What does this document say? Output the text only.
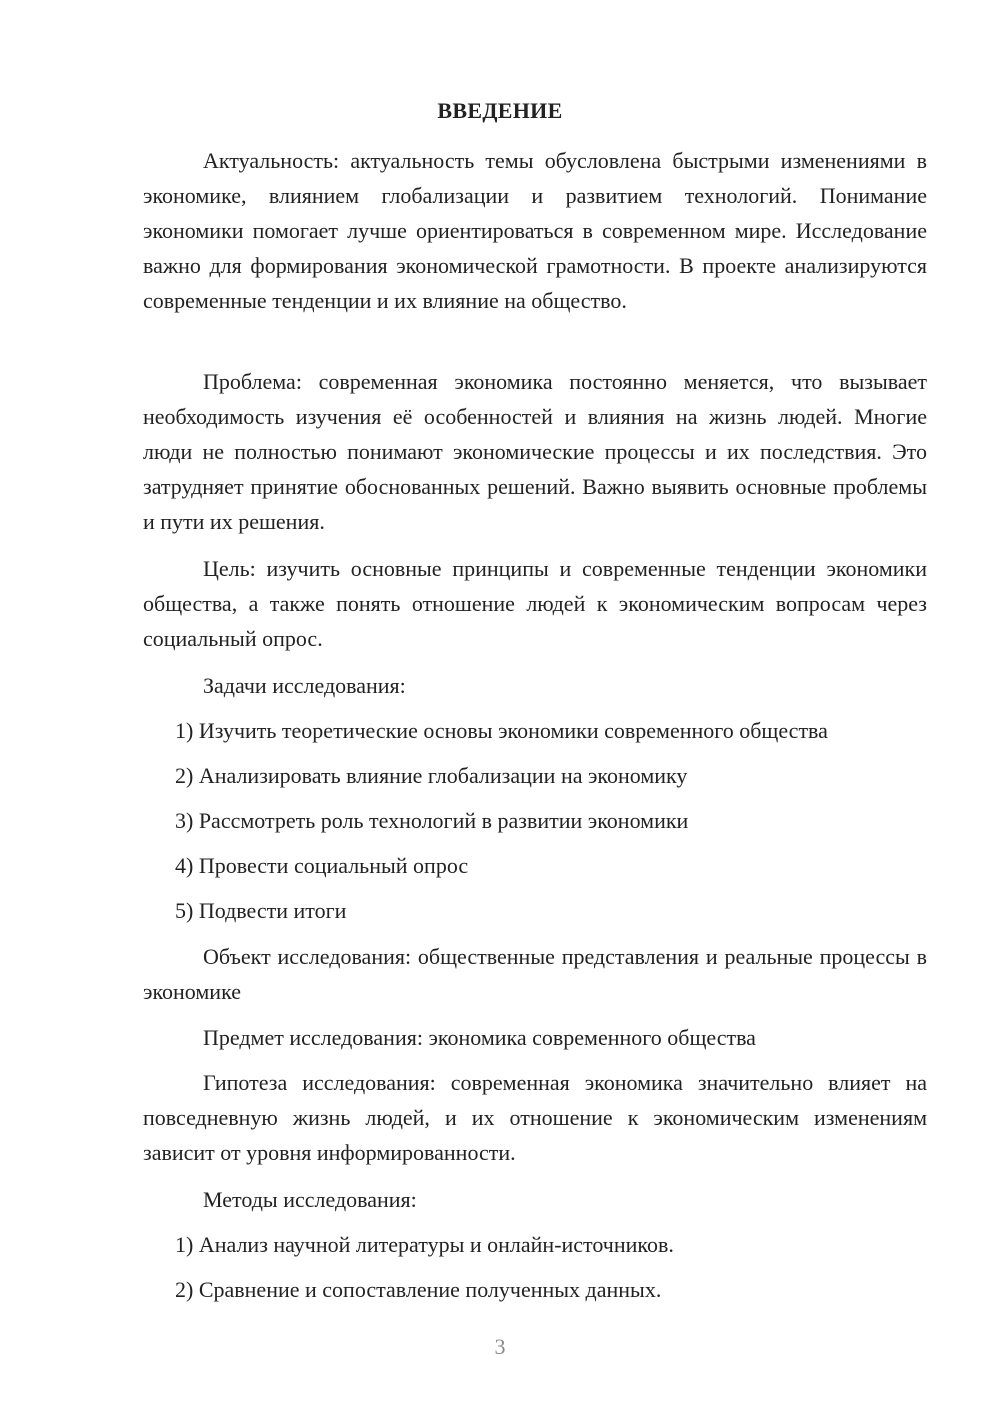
ВВЕДЕНИЕ
Актуальность: актуальность темы обусловлена быстрыми изменениями в экономике, влиянием глобализации и развитием технологий. Понимание экономики помогает лучше ориентироваться в современном мире. Исследование важно для формирования экономической грамотности. В проекте анализируются современные тенденции и их влияние на общество.
Проблема: современная экономика постоянно меняется, что вызывает необходимость изучения её особенностей и влияния на жизнь людей. Многие люди не полностью понимают экономические процессы и их последствия. Это затрудняет принятие обоснованных решений. Важно выявить основные проблемы и пути их решения.
Цель: изучить основные принципы и современные тенденции экономики общества, а также понять отношение людей к экономическим вопросам через социальный опрос.
Задачи исследования:
1) Изучить теоретические основы экономики современного общества
2) Анализировать влияние глобализации на экономику
3) Рассмотреть роль технологий в развитии экономики
4) Провести социальный опрос
5) Подвести итоги
Объект исследования: общественные представления и реальные процессы в экономике
Предмет исследования: экономика современного общества
Гипотеза исследования: современная экономика значительно влияет на повседневную жизнь людей, и их отношение к экономическим изменениям зависит от уровня информированности.
Методы исследования:
1) Анализ научной литературы и онлайн-источников.
2) Сравнение и сопоставление полученных данных.
3
